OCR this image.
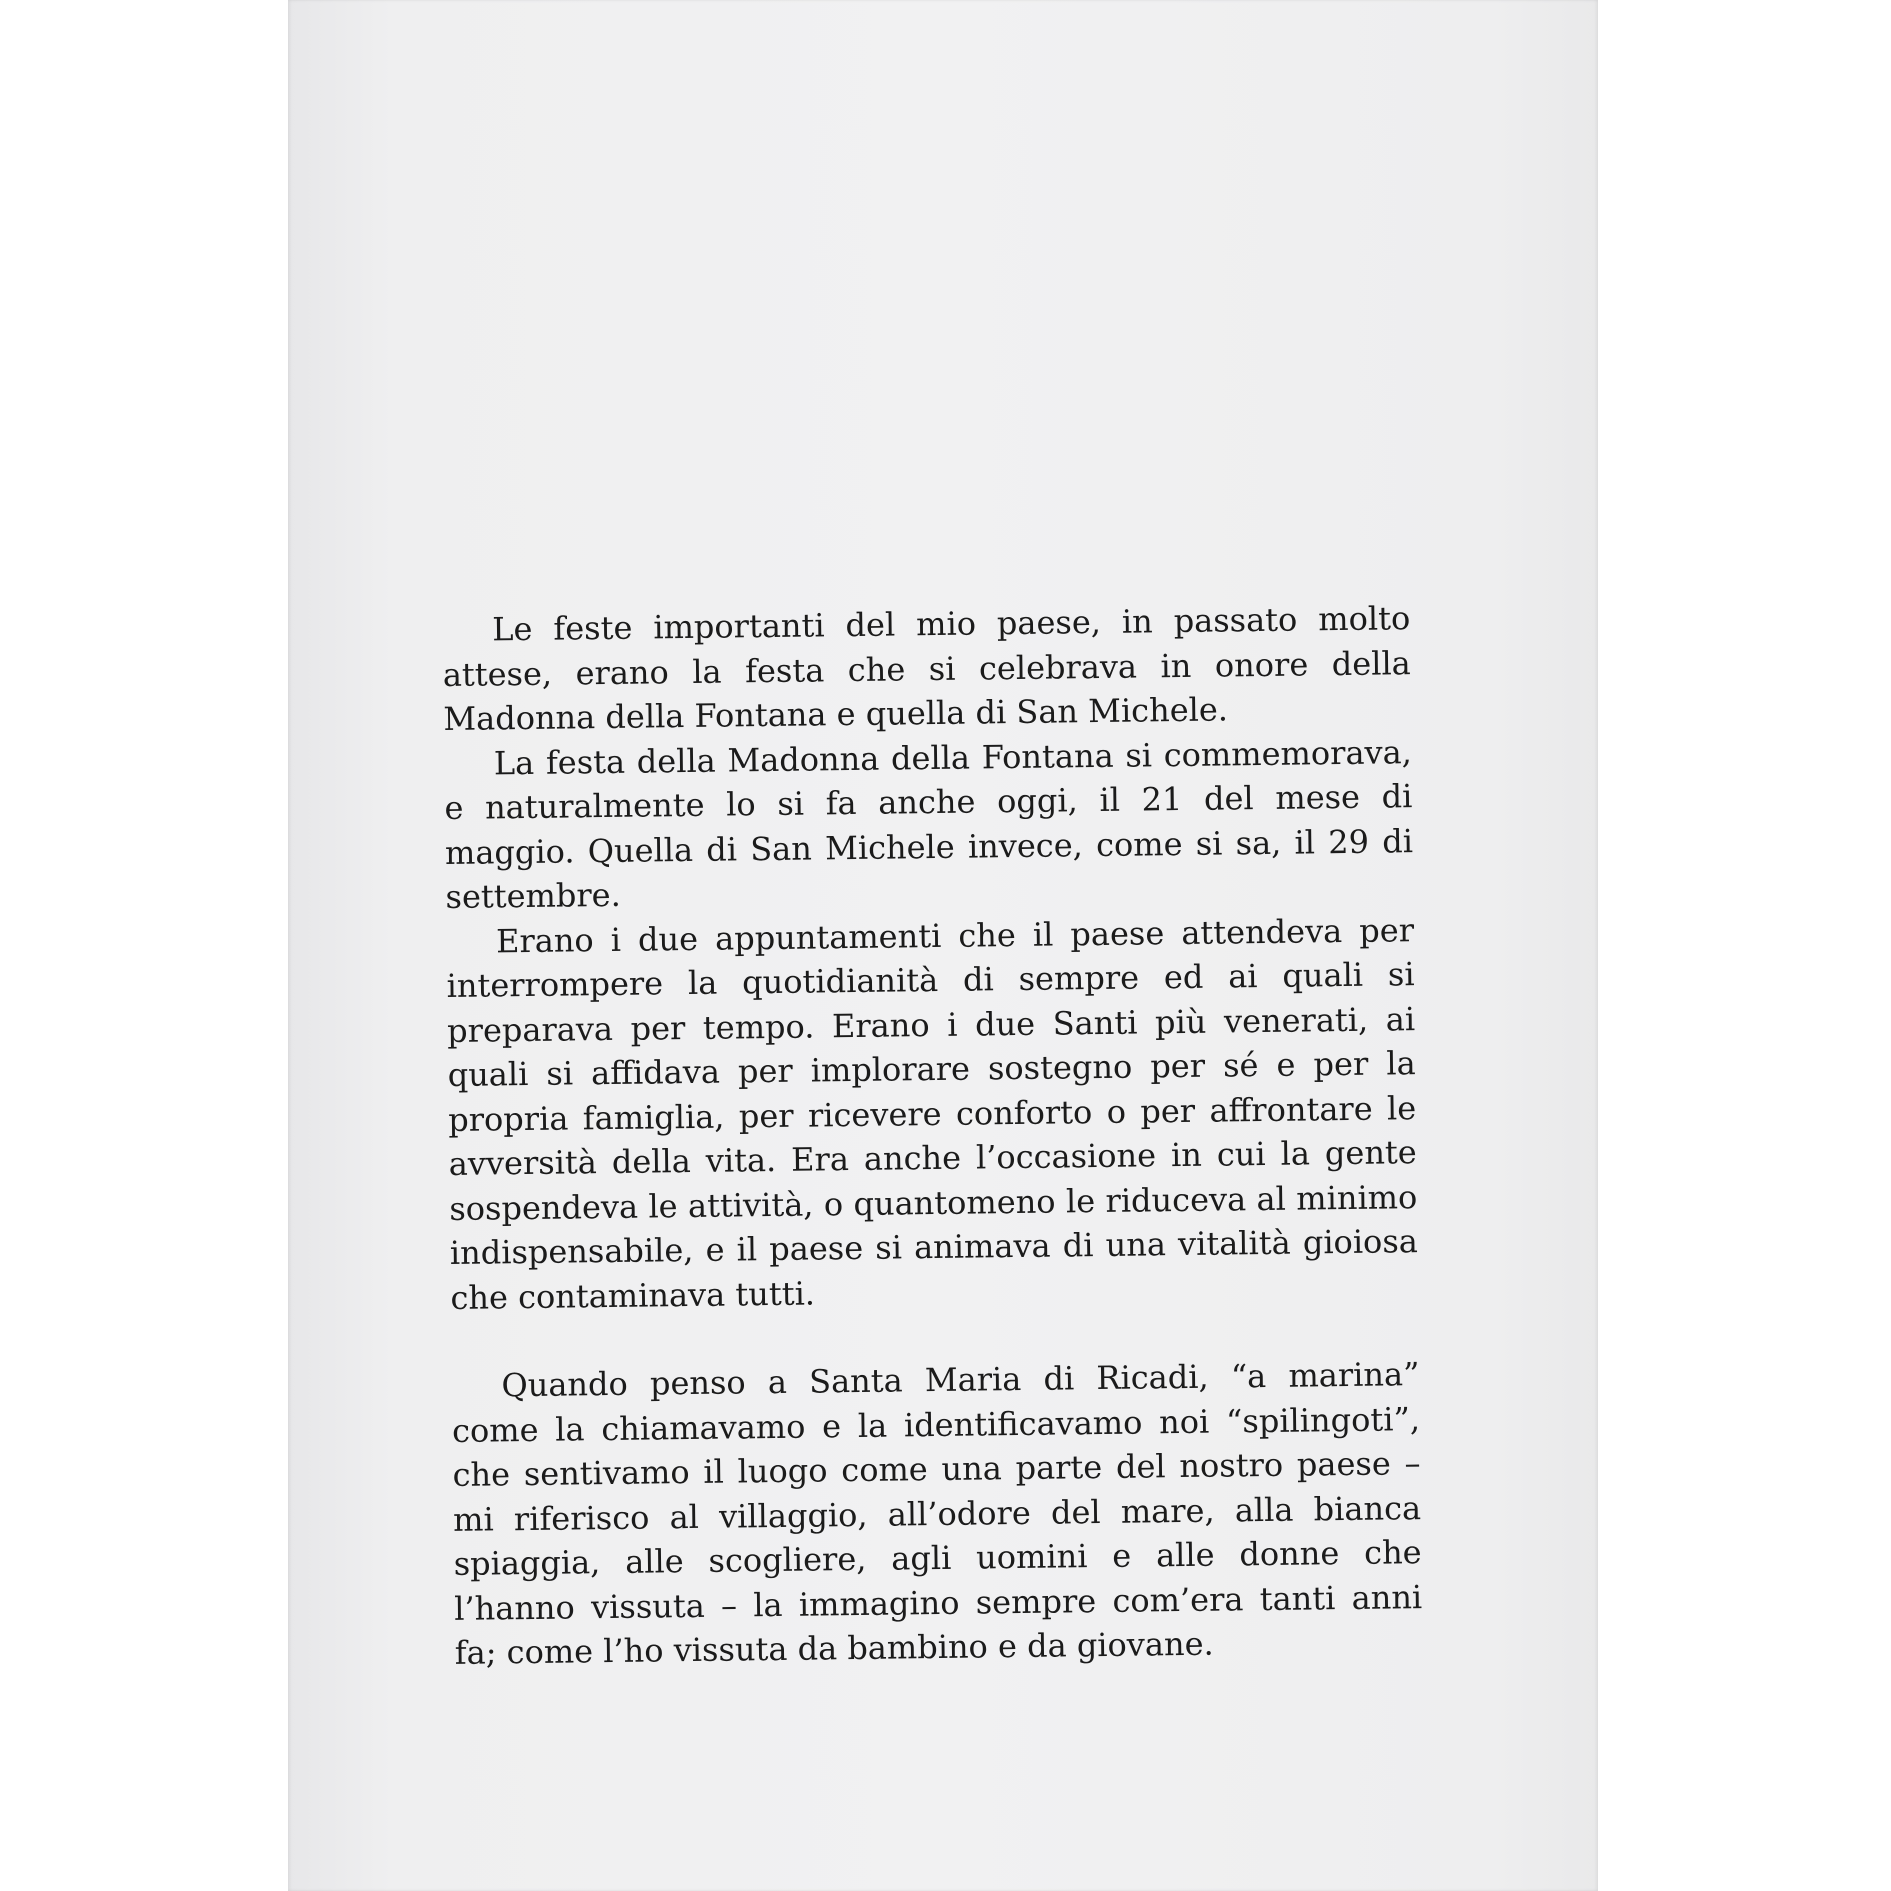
Le feste importanti del mio paese, in passato molto attese, erano la festa che si celebrava in onore della Madonna della Fontana e quella di San Michele.

La festa della Madonna della Fontana si commemorava, e naturalmente lo si fa anche oggi, il 21 del mese di maggio. Quella di San Michele invece, come si sa, il 29 di settembre.

Erano i due appuntamenti che il paese attendeva per interrompere la quotidianità di sempre ed ai quali si preparava per tempo. Erano i due Santi più venerati, ai quali si affidava per implorare sostegno per sé e per la propria famiglia, per ricevere conforto o per affrontare le avversità della vita. Era anche l’occasione in cui la gente sospendeva le attività, o quantomeno le riduceva al minimo indispensabile, e il paese si animava di una vitalità gioiosa che contaminava tutti.

Quando penso a Santa Maria di Ricadi, “a marina” come la chiamavamo e la identificavamo noi “spilingoti”, che sentivamo il luogo come una parte del nostro paese – mi riferisco al villaggio, all’odore del mare, alla bianca spiaggia, alle scogliere, agli uomini e alle donne che l’hanno vissuta – la immagino sempre com’era tanti anni fa; come l’ho vissuta da bambino e da giovane.
